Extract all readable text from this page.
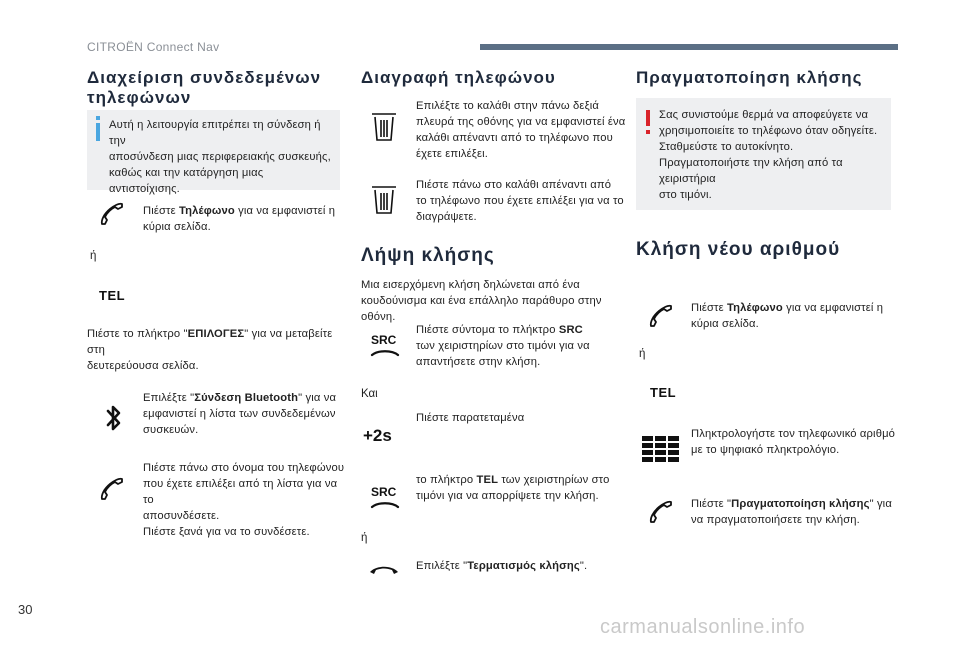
CITROËN Connect Nav
Διαχείριση συνδεδεμένων
τηλεφώνων
Αυτή η λειτουργία επιτρέπει τη σύνδεση ή την
αποσύνδεση μιας περιφερειακής συσκευής,
καθώς και την κατάργηση μιας αντιστοίχισης.
Πιέστε Τηλέφωνο για να εμφανιστεί η
κύρια σελίδα.
ή
TEL
Πιέστε το πλήκτρο "ΕΠΙΛΟΓΕΣ" για να μεταβείτε στη
δευτερεύουσα σελίδα.
Επιλέξτε "Σύνδεση Bluetooth" για να
εμφανιστεί η λίστα των συνδεδεμένων
συσκευών.
Πιέστε πάνω στο όνομα του τηλεφώνου
που έχετε επιλέξει από τη λίστα για να το
αποσυνδέσετε.
Πιέστε ξανά για να το συνδέσετε.
Διαγραφή τηλεφώνου
Επιλέξτε το καλάθι στην πάνω δεξιά
πλευρά της οθόνης για να εμφανιστεί ένα
καλάθι απέναντι από το τηλέφωνο που
έχετε επιλέξει.
Πιέστε πάνω στο καλάθι απέναντι από
το τηλέφωνο που έχετε επιλέξει για να το
διαγράψετε.
Λήψη κλήσης
Μια εισερχόμενη κλήση δηλώνεται από ένα
κουδούνισμα και ένα επάλληλο παράθυρο στην
οθόνη.
SRC
Πιέστε σύντομα το πλήκτρο SRC
των χειριστηρίων στο τιμόνι για να
απαντήσετε στην κλήση.
Και
+2s
Πιέστε παρατεταμένα
SRC
το πλήκτρο TEL των χειριστηρίων στο
τιμόνι για να απορρίψετε την κλήση.
ή
Επιλέξτε "Τερματισμός κλήσης".
Πραγματοποίηση κλήσης
Σας συνιστούμε θερμά να αποφεύγετε να
χρησιμοποιείτε το τηλέφωνο όταν οδηγείτε.
Σταθμεύστε το αυτοκίνητο.
Πραγματοποιήστε την κλήση από τα χειριστήρια
στο τιμόνι.
Κλήση νέου αριθμού
Πιέστε Τηλέφωνο για να εμφανιστεί η
κύρια σελίδα.
ή
TEL
Πληκτρολογήστε τον τηλεφωνικό αριθμό
με το ψηφιακό πληκτρολόγιο.
Πιέστε "Πραγματοποίηση κλήσης" για
να πραγματοποιήσετε την κλήση.
30
carmanualsonline.info
